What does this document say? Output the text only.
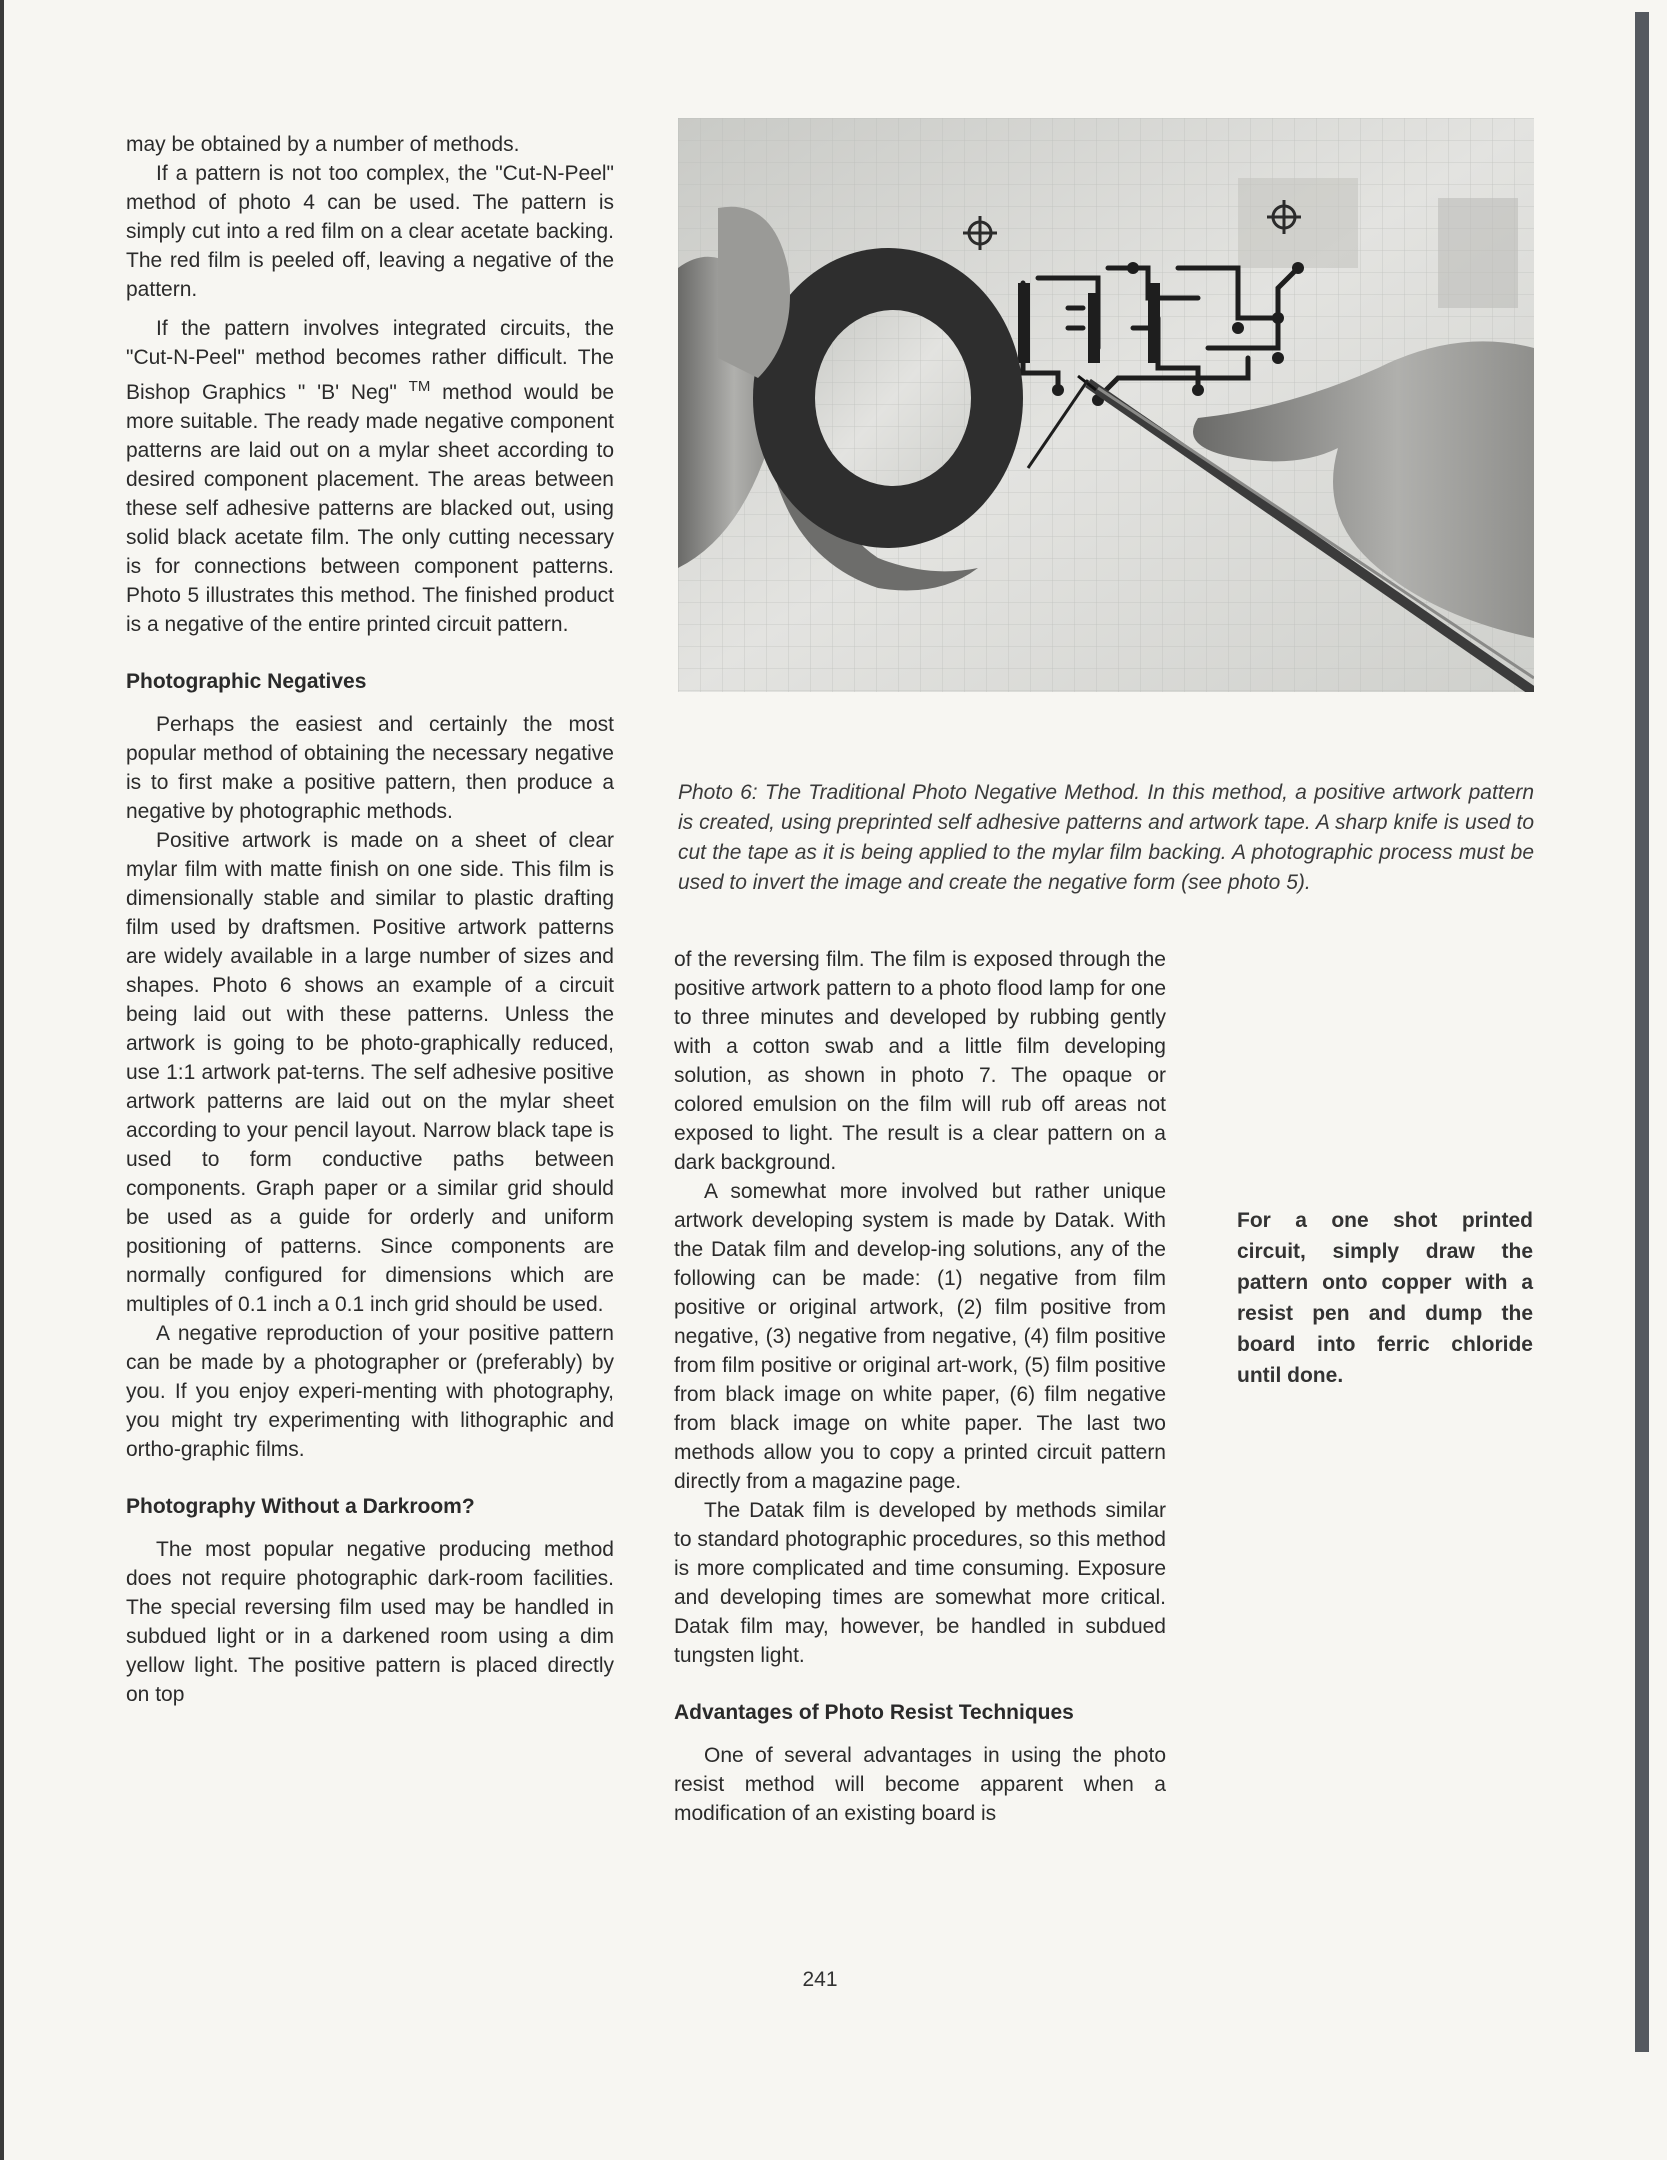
may be obtained by a number of methods.

If a pattern is not too complex, the "Cut-N-Peel" method of photo 4 can be used. The pattern is simply cut into a red film on a clear acetate backing. The red film is peeled off, leaving a negative of the pattern.

If the pattern involves integrated circuits, the "Cut-N-Peel" method becomes rather difficult. The Bishop Graphics " 'B' Neg" ™ method would be more suitable. The ready made negative component patterns are laid out on a mylar sheet according to desired component placement. The areas between these self adhesive patterns are blacked out, using solid black acetate film. The only cutting necessary is for connections between component patterns. Photo 5 illustrates this method. The finished product is a negative of the entire printed circuit pattern.

Photographic Negatives

Perhaps the easiest and certainly the most popular method of obtaining the necessary negative is to first make a positive pattern, then produce a negative by photographic methods.

Positive artwork is made on a sheet of clear mylar film with matte finish on one side. This film is dimensionally stable and similar to plastic drafting film used by draftsmen. Positive artwork patterns are widely available in a large number of sizes and shapes. Photo 6 shows an example of a circuit being laid out with these patterns. Unless the artwork is going to be photo-graphically reduced, use 1:1 artwork pat-terns. The self adhesive positive artwork patterns are laid out on the mylar sheet according to your pencil layout. Narrow black tape is used to form conductive paths between components. Graph paper or a similar grid should be used as a guide for orderly and uniform positioning of patterns. Since components are normally configured for dimensions which are multiples of 0.1 inch a 0.1 inch grid should be used.

A negative reproduction of your positive pattern can be made by a photographer or (preferably) by you. If you enjoy experi-menting with photography, you might try experimenting with lithographic and ortho-graphic films.

Photography Without a Darkroom?

The most popular negative producing method does not require photographic dark-room facilities. The special reversing film used may be handled in subdued light or in a darkened room using a dim yellow light. The positive pattern is placed directly on top

Photo 6: The Traditional Photo Negative Method. In this method, a positive artwork pattern is created, using preprinted self adhesive patterns and artwork tape. A sharp knife is used to cut the tape as it is being applied to the mylar film backing. A photographic process must be used to invert the image and create the negative form (see photo 5).

of the reversing film. The film is exposed through the positive artwork pattern to a photo flood lamp for one to three minutes and developed by rubbing gently with a cotton swab and a little film developing solution, as shown in photo 7. The opaque or colored emulsion on the film will rub off areas not exposed to light. The result is a clear pattern on a dark background.

A somewhat more involved but rather unique artwork developing system is made by Datak. With the Datak film and develop-ing solutions, any of the following can be made: (1) negative from film positive or original artwork, (2) film positive from negative, (3) negative from negative, (4) film positive from film positive or original art-work, (5) film positive from black image on white paper, (6) film negative from black image on white paper. The last two methods allow you to copy a printed circuit pattern directly from a magazine page.

The Datak film is developed by methods similar to standard photographic procedures, so this method is more complicated and time consuming. Exposure and developing times are somewhat more critical. Datak film may, however, be handled in subdued tungsten light.

Advantages of Photo Resist Techniques

One of several advantages in using the photo resist method will become apparent when a modification of an existing board is

For a one shot printed circuit, simply draw the pattern onto copper with a resist pen and dump the board into ferric chloride until done.

241
